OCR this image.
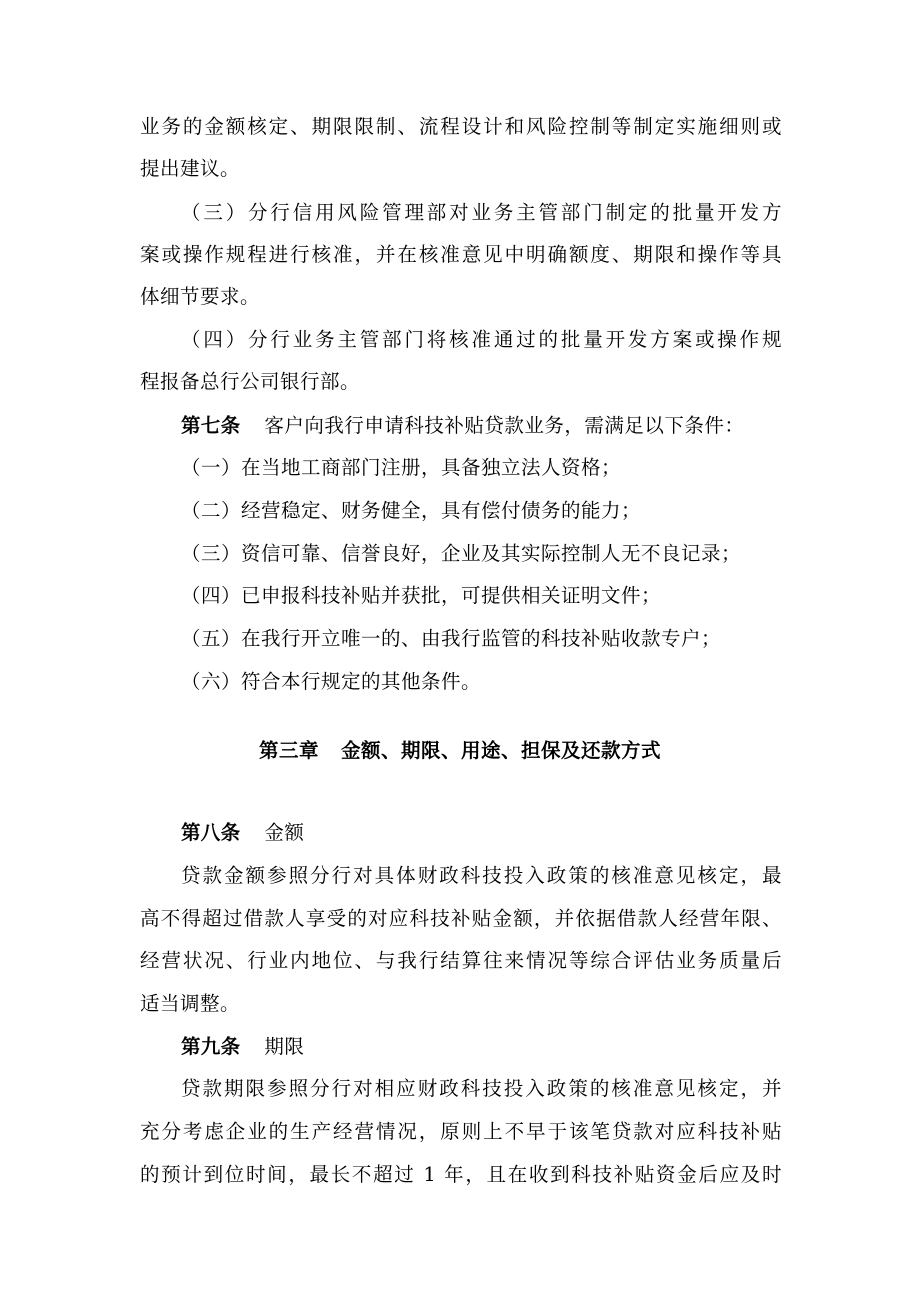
业务的金额核定、期限限制、流程设计和风险控制等制定实施细则或
提出建议。
（三）分行信用风险管理部对业务主管部门制定的批量开发方
案或操作规程进行核准，并在核准意见中明确额度、期限和操作等具
体细节要求。
（四）分行业务主管部门将核准通过的批量开发方案或操作规
程报备总行公司银行部。
第七条 客户向我行申请科技补贴贷款业务，需满足以下条件：
（一）在当地工商部门注册，具备独立法人资格；
（二）经营稳定、财务健全，具有偿付债务的能力；
（三）资信可靠、信誉良好，企业及其实际控制人无不良记录；
（四）已申报科技补贴并获批，可提供相关证明文件；
（五）在我行开立唯一的、由我行监管的科技补贴收款专户；
（六）符合本行规定的其他条件。
第三章 金额、期限、用途、担保及还款方式
第八条 金额
贷款金额参照分行对具体财政科技投入政策的核准意见核定，最
高不得超过借款人享受的对应科技补贴金额，并依据借款人经营年限、
经营状况、行业内地位、与我行结算往来情况等综合评估业务质量后
适当调整。
第九条 期限
贷款期限参照分行对相应财政科技投入政策的核准意见核定，并
充分考虑企业的生产经营情况，原则上不早于该笔贷款对应科技补贴
的预计到位时间，最长不超过 1 年，且在收到科技补贴资金后应及时
